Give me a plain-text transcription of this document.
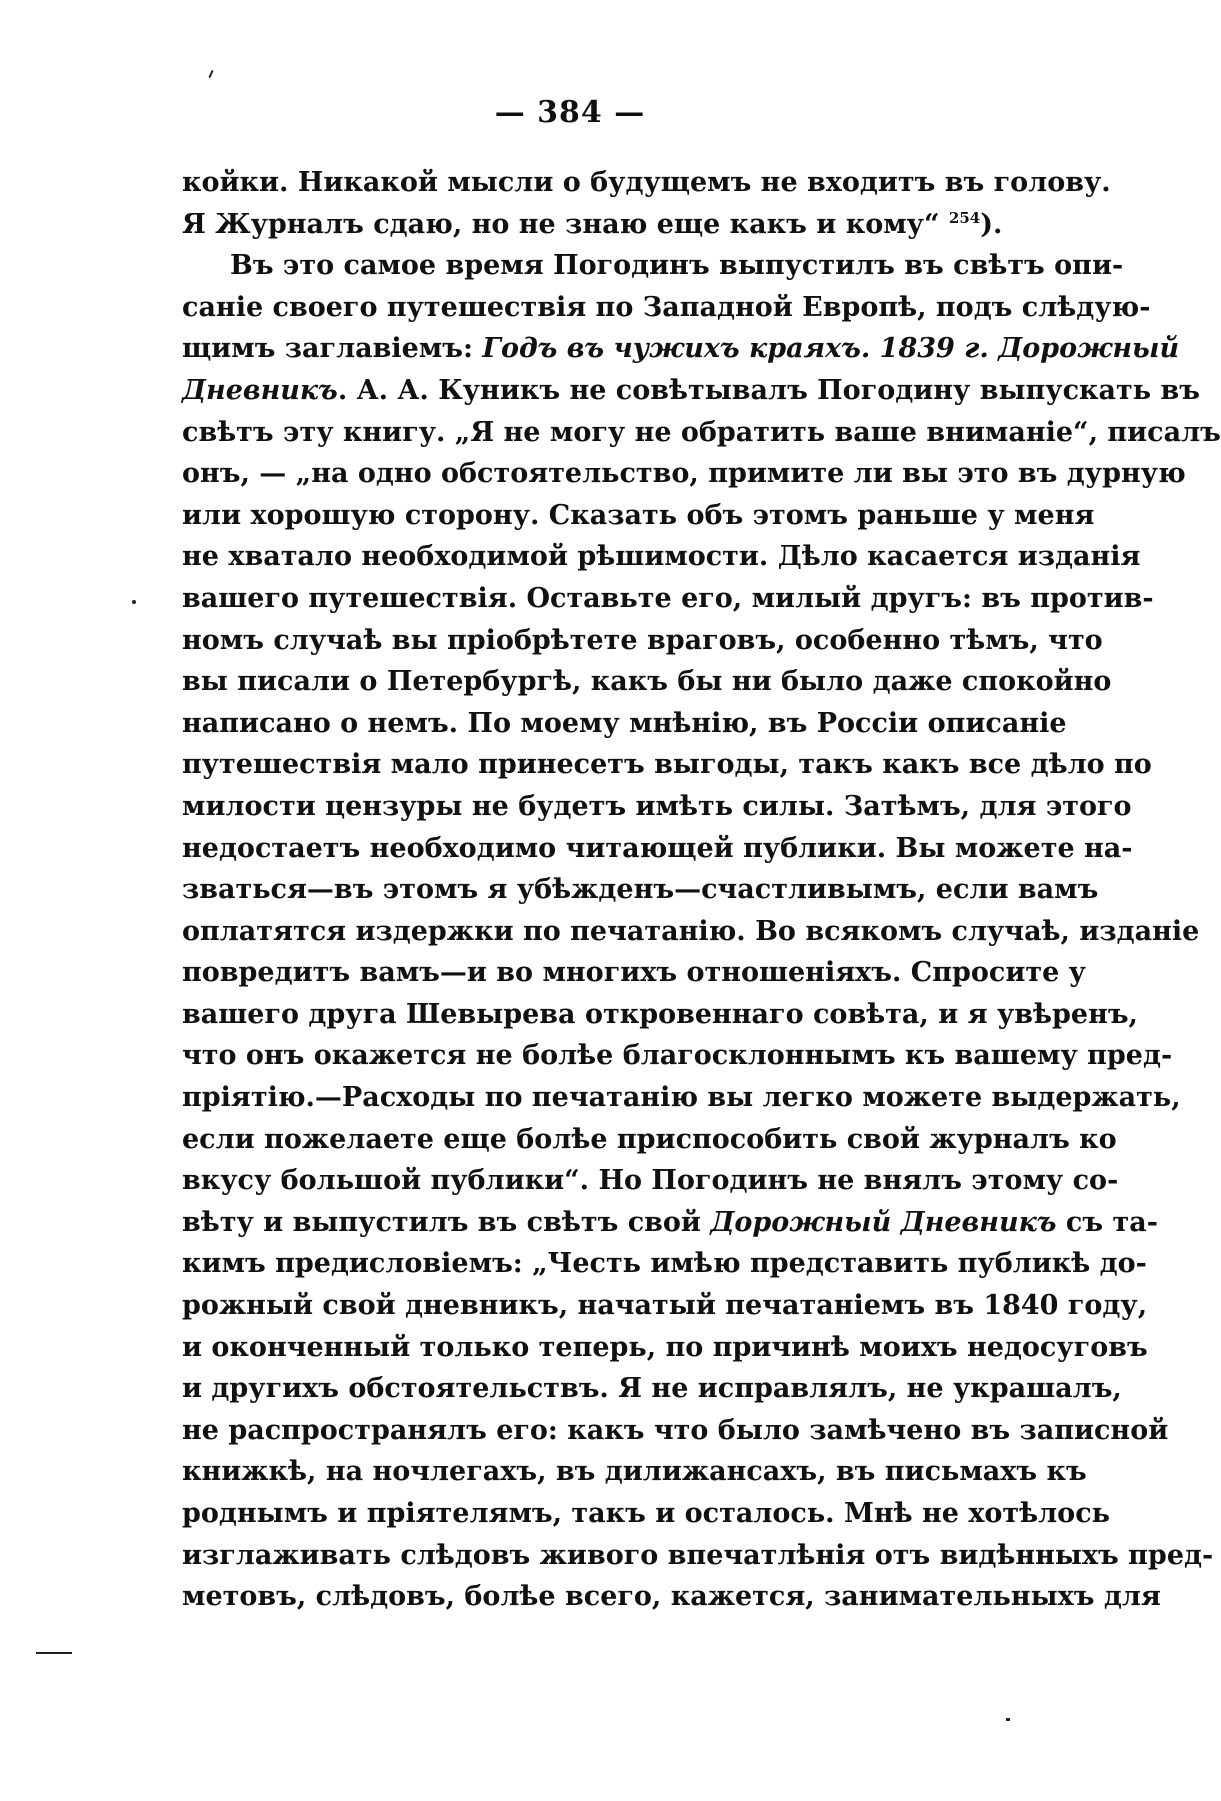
— 384 —
койки. Никакой мысли о будущемъ не входитъ въ голову.
Я Журналъ сдаю, но не знаю еще какъ и кому“ $^{254}$).
Въ это самое время Погодинъ выпустилъ въ свѣтъ опи-
саніе своего путешествія по Западной Европѣ, подъ слѣдую-
щимъ заглавіемъ: Годъ въ чужихъ краяхъ. 1839 г. Дорожный
Дневникъ. А. А. Куникъ не совѣтывалъ Погодину выпускать въ
свѣтъ эту книгу. „Я не могу не обратить ваше вниманіе“, писалъ
онъ, — „на одно обстоятельство, примите ли вы это въ дурную
или хорошую сторону. Сказать объ этомъ раньше у меня
не хватало необходимой рѣшимости. Дѣло касается изданія
вашего путешествія. Оставьте его, милый другъ: въ против-
номъ случаѣ вы пріобрѣтете враговъ, особенно тѣмъ, что
вы писали о Петербургѣ, какъ бы ни было даже спокойно
написано о немъ. По моему мнѣнію, въ Россіи описаніе
путешествія мало принесетъ выгоды, такъ какъ все дѣло по
милости цензуры не будетъ имѣть силы. Затѣмъ, для этого
недостаетъ необходимо читающей публики. Вы можете на-
зваться—въ этомъ я убѣжденъ—счастливымъ, если вамъ
оплатятся издержки по печатанію. Во всякомъ случаѣ, изданіе
повредитъ вамъ—и во многихъ отношеніяхъ. Спросите у
вашего друга Шевырева откровеннаго совѣта, и я увѣренъ,
что онъ окажется не болѣе благосклоннымъ къ вашему пред-
пріятію.—Расходы по печатанію вы легко можете выдержать,
если пожелаете еще болѣе приспособить свой журналъ ко
вкусу большой публики“. Но Погодинъ не внялъ этому со-
вѣту и выпустилъ въ свѣтъ свой Дорожный Дневникъ съ та-
кимъ предисловіемъ: „Честь имѣю представить публикѣ до-
рожный свой дневникъ, начатый печатаніемъ въ 1840 году,
и оконченный только теперь, по причинѣ моихъ недосуговъ
и другихъ обстоятельствъ. Я не исправлялъ, не украшалъ,
не распространялъ его: какъ что было замѣчено въ записной
книжкѣ, на ночлегахъ, въ дилижансахъ, въ письмахъ къ
роднымъ и пріятелямъ, такъ и осталось. Мнѣ не хотѣлось
изглаживать слѣдовъ живого впечатлѣнія отъ видѣнныхъ пред-
метовъ, слѣдовъ, болѣе всего, кажется, занимательныхъ для
